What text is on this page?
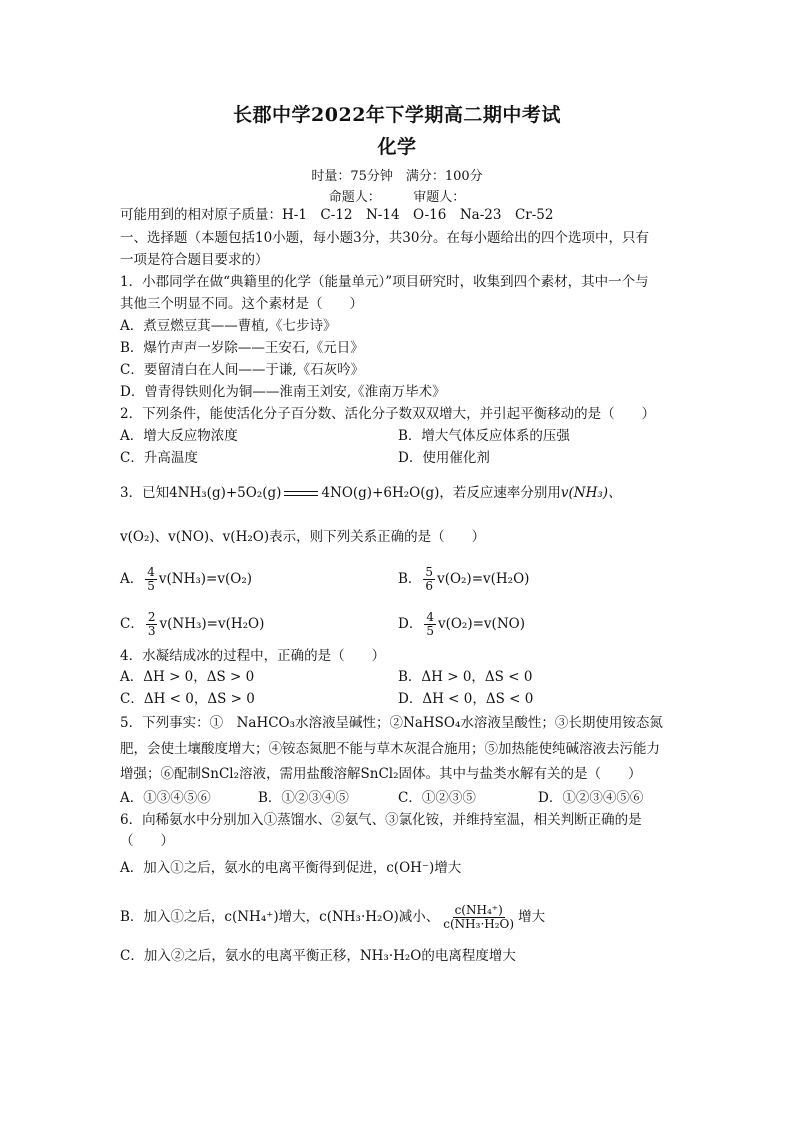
长郡中学2022年下学期高二期中考试
化学
时量：75分钟　满分：100分
命题人：　　　审题人：
可能用到的相对原子质量：H-1　C-12　N-14　O-16　Na-23　Cr-52
一、选择题（本题包括10小题，每小题3分，共30分。在每小题给出的四个选项中，只有
一项是符合题目要求的）
1．小郡同学在做“典籍里的化学（能量单元）”项目研究时，收集到四个素材，其中一个与
其他三个明显不同。这个素材是（　　）
A．煮豆燃豆萁——曹植,《七步诗》
B．爆竹声声一岁除——王安石,《元日》
C．要留清白在人间——于谦,《石灰吟》
D．曾青得铁则化为铜——淮南王刘安,《淮南万毕术》
2．下列条件，能使活化分子百分数、活化分子数双双增大，并引起平衡移动的是（　　）
A．增大反应物浓度	B．增大气体反应体系的压强
C．升高温度	D．使用催化剂
3．已知4NH₃(g)+5O₂(g)	4NO(g)+6H₂O(g)，若反应速率分别用v(NH₃)、
v(O₂)、v(NO)、v(H₂O)表示，则下列关系正确的是（　　）
A． $\frac{4}{5} v(NH_3)=v(O_2)$	B． $\frac{5}{6} v(O_2)=v(H_2O)$
C． $\frac{2}{3} v(NH_3)=v(H_2O)$	D． $\frac{4}{5} v(O_2)=v(NO)$
4．水凝结成冰的过程中，正确的是（　　）
A．ΔH > 0，ΔS > 0	B．ΔH > 0，ΔS < 0
C．ΔH < 0，ΔS > 0	D．ΔH < 0，ΔS < 0
5．下列事实：①　NaHCO₃水溶液呈碱性；②NaHSO₄水溶液呈酸性；③长期使用铵态氮
肥，会使土壤酸度增大；④铵态氮肥不能与草木灰混合施用；⑤加热能使纯碱溶液去污能力
增强；⑥配制SnCl₂溶液，需用盐酸溶解SnCl₂固体。其中与盐类水解有关的是（　　）
A．①③④⑤⑥	B．①②③④⑤	C．①②③⑤	D．①②③④⑤⑥
6．向稀氨水中分别加入①蒸馏水、②氨气、③氯化铵，并维持室温，相关判断正确的是
（　　）
A．加入①之后，氨水的电离平衡得到促进，c(OH⁻)增大
B．加入①之后，c(NH₄⁺)增大，c(NH₃·H₂O)减小、 $\frac{\text{c(NH₄⁺)}}{\text{c(NH₃·H₂O)}}$ 增大
C．加入②之后，氨水的电离平衡正移，NH₃·H₂O的电离程度增大
